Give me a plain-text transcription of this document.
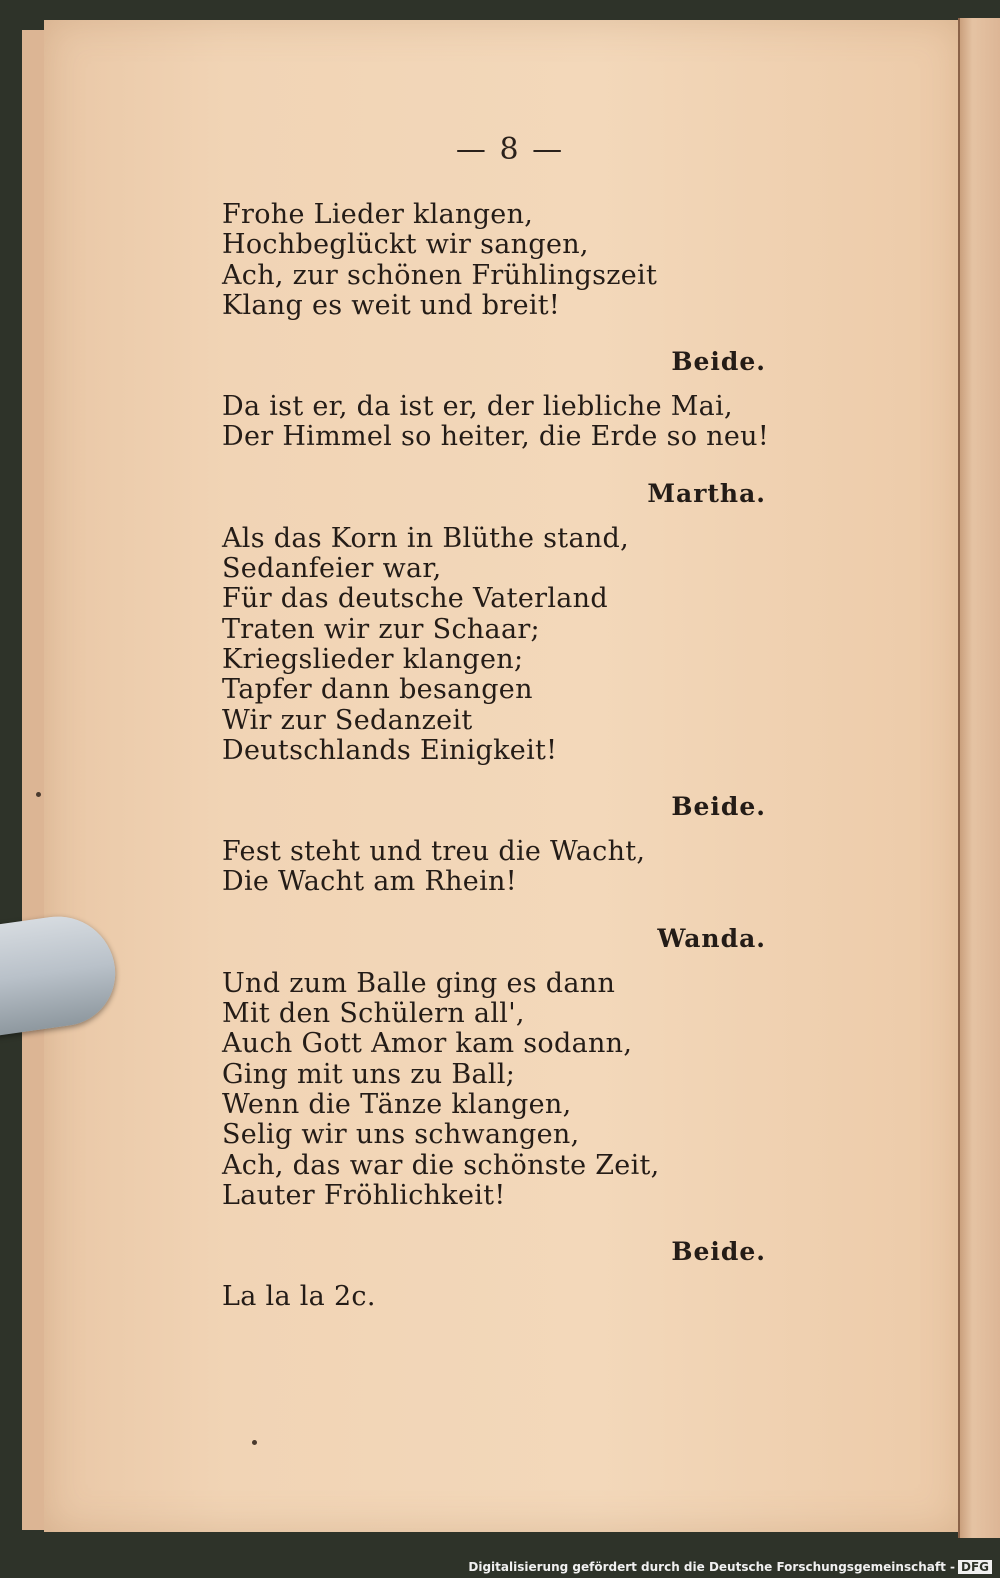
— 8 —
Frohe Lieder klangen,
Hochbeglückt wir sangen,
Ach, zur schönen Frühlingszeit
Klang es weit und breit!
Beide.
Da ist er, da ist er, der liebliche Mai,
Der Himmel so heiter, die Erde so neu!
Martha.
Als das Korn in Blüthe stand,
Sedanfeier war,
Für das deutsche Vaterland
Traten wir zur Schaar;
Kriegslieder klangen;
Tapfer dann besangen
Wir zur Sedanzeit
Deutschlands Einigkeit!
Beide.
Fest steht und treu die Wacht,
Die Wacht am Rhein!
Wanda.
Und zum Balle ging es dann
Mit den Schülern all',
Auch Gott Amor kam sodann,
Ging mit uns zu Ball;
Wenn die Tänze klangen,
Selig wir uns schwangen,
Ach, das war die schönste Zeit,
Lauter Fröhlichkeit!
Beide.
La la la 2c.
Digitalisierung gefördert durch die Deutsche Forschungsgemeinschaft - DFG
